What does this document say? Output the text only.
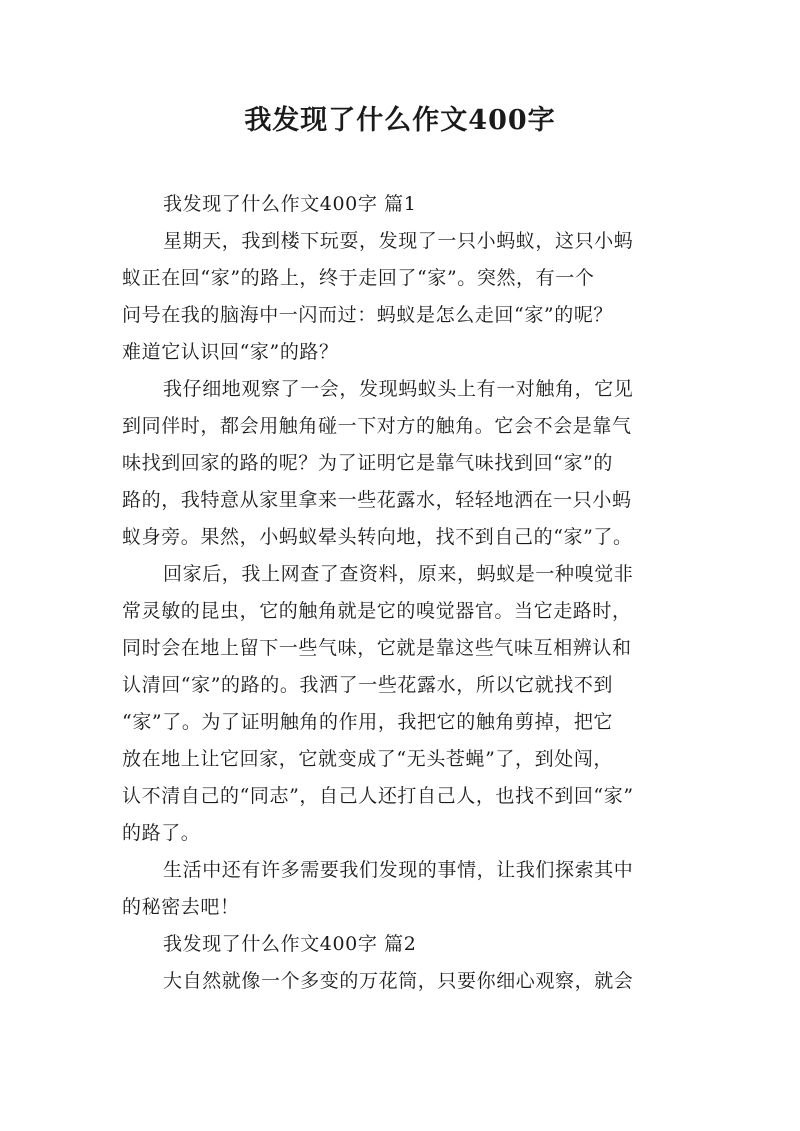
我发现了什么作文400字
我发现了什么作文400字 篇1
星期天，我到楼下玩耍，发现了一只小蚂蚁，这只小蚂
蚁正在回“家”的路上，终于走回了“家”。突然，有一个
问号在我的脑海中一闪而过：蚂蚁是怎么走回“家”的呢？
难道它认识回“家”的路？
我仔细地观察了一会，发现蚂蚁头上有一对触角，它见
到同伴时，都会用触角碰一下对方的触角。它会不会是靠气
味找到回家的路的呢？为了证明它是靠气味找到回“家”的
路的，我特意从家里拿来一些花露水，轻轻地洒在一只小蚂
蚁身旁。果然，小蚂蚁晕头转向地，找不到自己的“家”了。
回家后，我上网查了查资料，原来，蚂蚁是一种嗅觉非
常灵敏的昆虫，它的触角就是它的嗅觉器官。当它走路时，
同时会在地上留下一些气味，它就是靠这些气味互相辨认和
认清回“家”的路的。我洒了一些花露水，所以它就找不到
“家”了。为了证明触角的作用，我把它的触角剪掉，把它
放在地上让它回家，它就变成了“无头苍蝇”了，到处闯，
认不清自己的“同志”，自己人还打自己人，也找不到回“家”
的路了。
生活中还有许多需要我们发现的事情，让我们探索其中
的秘密去吧！
我发现了什么作文400字 篇2
大自然就像一个多变的万花筒，只要你细心观察，就会
